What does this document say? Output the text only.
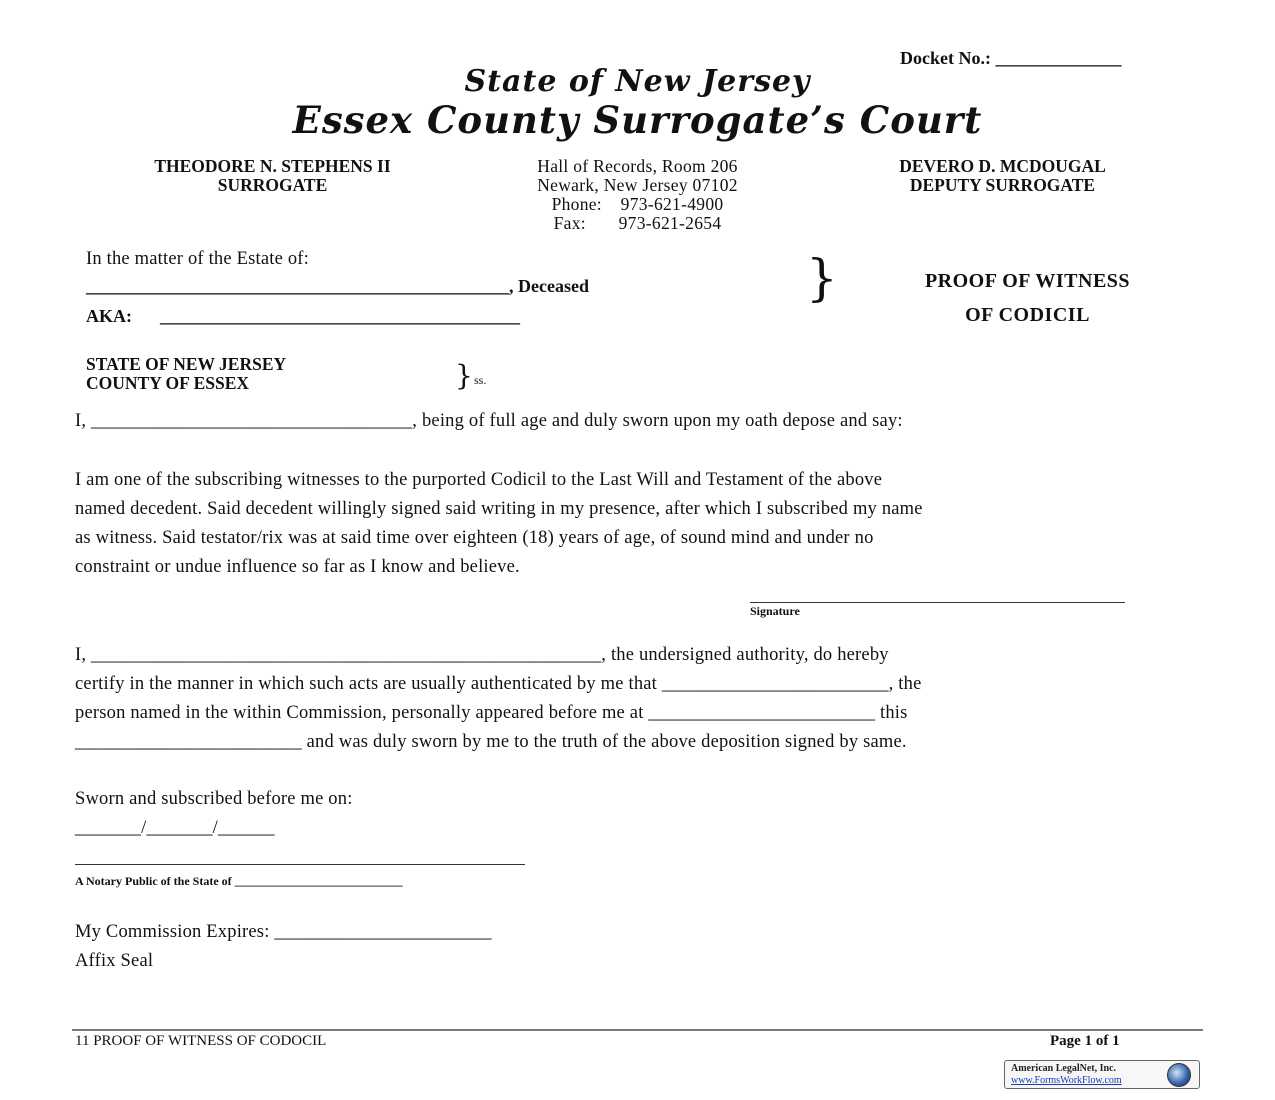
Docket No.: ______________
State of New Jersey
Essex County Surrogate’s Court
THEODORE N. STEPHENS II
SURROGATE
Hall of Records, Room 206
Newark, New Jersey 07102
Phone:    973-621-4900
Fax:       973-621-2654
DEVERO D. MCDOUGAL
DEPUTY SURROGATE
In the matter of the Estate of:
_______________________________________________, Deceased
AKA: ________________________________________
}	PROOF OF WITNESS
OF CODICIL
STATE OF NEW JERSEY
COUNTY OF ESSEX	} ss.
I, __________________________________, being of full age and duly sworn upon my oath depose and say:
I am one of the subscribing witnesses to the purported Codicil to the Last Will and Testament of the above
named decedent. Said decedent willingly signed said writing in my presence, after which I subscribed my name
as witness. Said testator/rix was at said time over eighteen (18) years of age, of sound mind and under no
constraint or undue influence so far as I know and believe.
Signature
I, ______________________________________________________, the undersigned authority, do hereby
certify in the manner in which such acts are usually authenticated by me that ________________________, the
person named in the within Commission, personally appeared before me at ________________________ this
________________________ and was duly sworn by me to the truth of the above deposition signed by same.
Sworn and subscribed before me on:
_______/_______/______
A Notary Public of the State of ____________________________
My Commission Expires: _______________________
Affix Seal
11 PROOF OF WITNESS OF CODOCIL	Page 1 of 1
American LegalNet, Inc.
www.FormsWorkFlow.com
